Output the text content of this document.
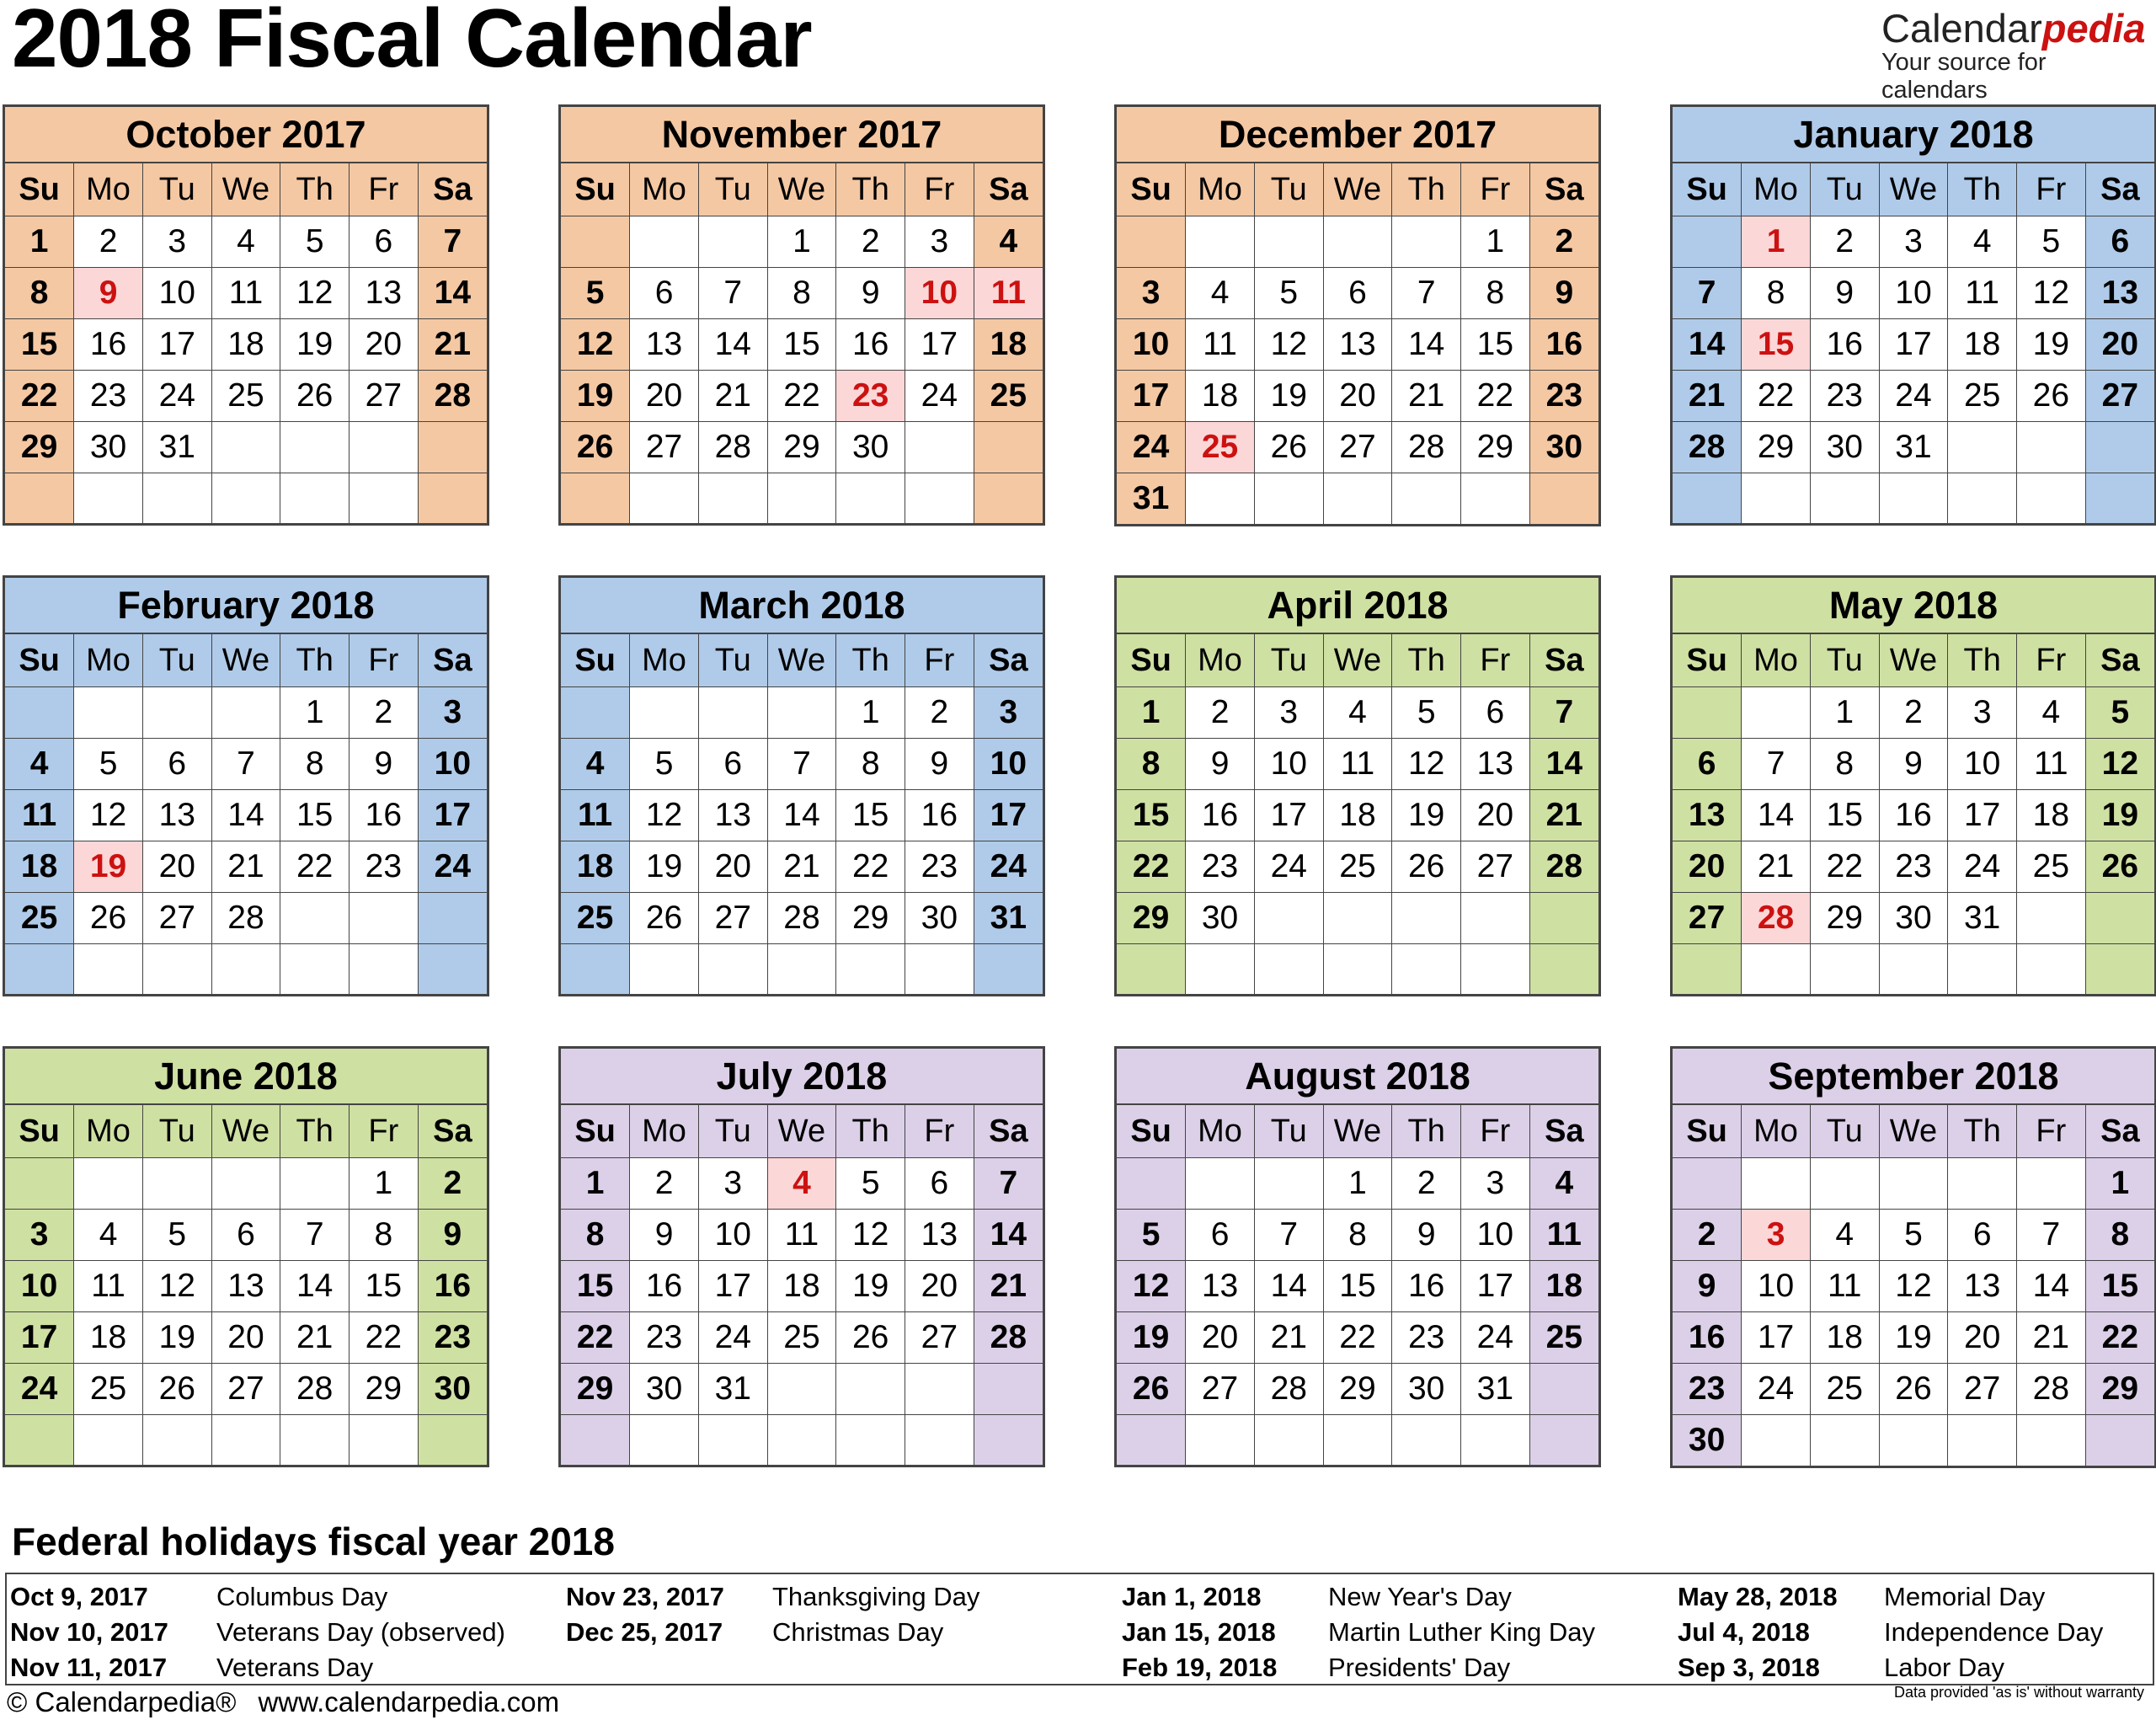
2018 Fiscal Calendar	Calendarpedia
Your source for calendars
October 2017
Su	Mo	Tu	We	Th	Fr	Sa
1	2	3	4	5	6	7
8	9	10	11	12	13	14
15	16	17	18	19	20	21
22	23	24	25	26	27	28
29	30	31				

November 2017
Su	Mo	Tu	We	Th	Fr	Sa
			1	2	3	4
5	6	7	8	9	10	11
12	13	14	15	16	17	18
19	20	21	22	23	24	25
26	27	28	29	30		

December 2017
Su	Mo	Tu	We	Th	Fr	Sa
					1	2
3	4	5	6	7	8	9
10	11	12	13	14	15	16
17	18	19	20	21	22	23
24	25	26	27	28	29	30
31						
January 2018
Su	Mo	Tu	We	Th	Fr	Sa
	1	2	3	4	5	6
7	8	9	10	11	12	13
14	15	16	17	18	19	20
21	22	23	24	25	26	27
28	29	30	31			

February 2018
Su	Mo	Tu	We	Th	Fr	Sa
				1	2	3
4	5	6	7	8	9	10
11	12	13	14	15	16	17
18	19	20	21	22	23	24
25	26	27	28			

March 2018
Su	Mo	Tu	We	Th	Fr	Sa
				1	2	3
4	5	6	7	8	9	10
11	12	13	14	15	16	17
18	19	20	21	22	23	24
25	26	27	28	29	30	31

April 2018
Su	Mo	Tu	We	Th	Fr	Sa
1	2	3	4	5	6	7
8	9	10	11	12	13	14
15	16	17	18	19	20	21
22	23	24	25	26	27	28
29	30					

May 2018
Su	Mo	Tu	We	Th	Fr	Sa
		1	2	3	4	5
6	7	8	9	10	11	12
13	14	15	16	17	18	19
20	21	22	23	24	25	26
27	28	29	30	31		

June 2018
Su	Mo	Tu	We	Th	Fr	Sa
					1	2
3	4	5	6	7	8	9
10	11	12	13	14	15	16
17	18	19	20	21	22	23
24	25	26	27	28	29	30

July 2018
Su	Mo	Tu	We	Th	Fr	Sa
1	2	3	4	5	6	7
8	9	10	11	12	13	14
15	16	17	18	19	20	21
22	23	24	25	26	27	28
29	30	31				

August 2018
Su	Mo	Tu	We	Th	Fr	Sa
			1	2	3	4
5	6	7	8	9	10	11
12	13	14	15	16	17	18
19	20	21	22	23	24	25
26	27	28	29	30	31	

September 2018
Su	Mo	Tu	We	Th	Fr	Sa
						1
2	3	4	5	6	7	8
9	10	11	12	13	14	15
16	17	18	19	20	21	22
23	24	25	26	27	28	29
30						
Federal holidays fiscal year 2018
Oct 9, 2017	Columbus Day
Nov 10, 2017 Veterans Day (observed)
Nov 11, 2017 Veterans Day
Nov 23, 2017 Thanksgiving Day
Dec 25, 2017 Christmas Day
Jan 1, 2018	New Year's Day
Jan 15, 2018 Martin Luther King Day
Feb 19, 2018 Presidents' Day
May 28, 2018 Memorial Day
Jul 4, 2018	Independence Day
Sep 3, 2018 Labor Day
© Calendarpedia® www.calendarpedia.com	Data provided 'as is' without warranty
